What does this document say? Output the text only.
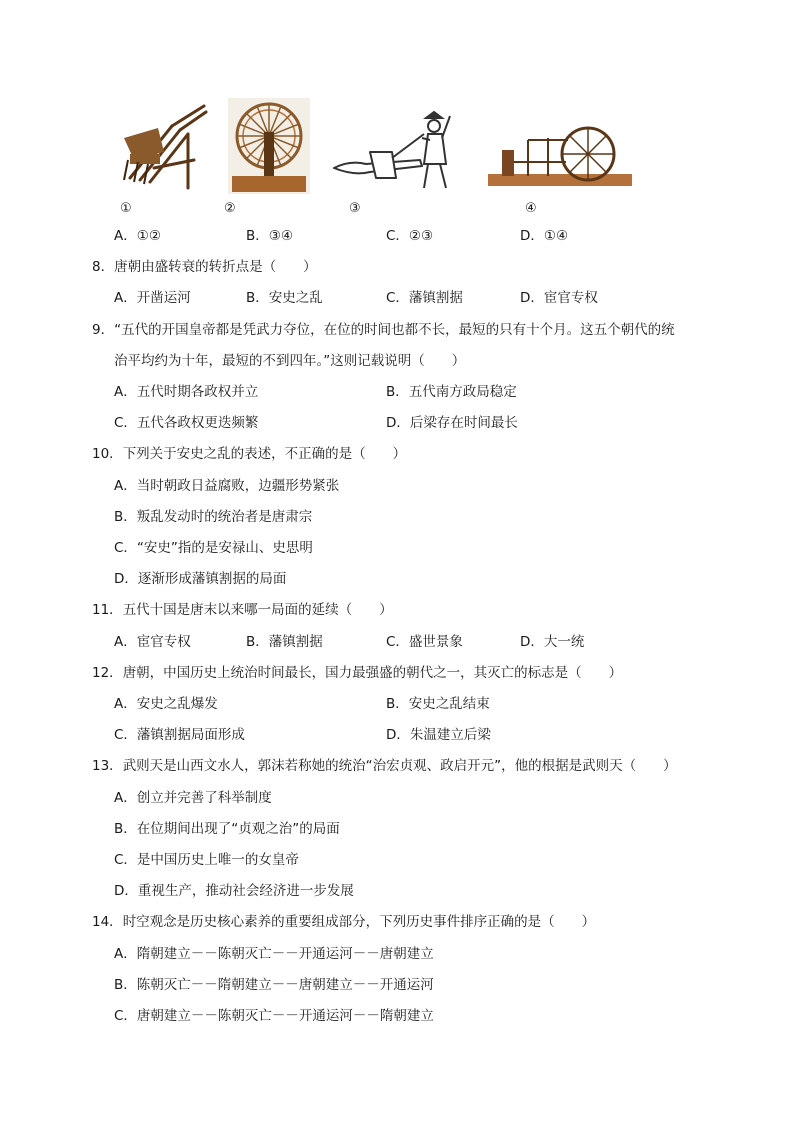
①	②	③	④
A．①②	B．③④	C．②③	D．①④
8．唐朝由盛转衰的转折点是（　　）
A．开凿运河	B．安史之乱	C．藩镇割据	D．宦官专权
9．“五代的开国皇帝都是凭武力夺位，在位的时间也都不长，最短的只有十个月。这五个朝代的统
治平均约为十年，最短的不到四年。”这则记载说明（　　）
A．五代时期各政权并立	B．五代南方政局稳定
C．五代各政权更迭频繁	D．后梁存在时间最长
10．下列关于安史之乱的表述，不正确的是（　　）
A．当时朝政日益腐败，边疆形势紧张
B．叛乱发动时的统治者是唐肃宗
C．“安史”指的是安禄山、史思明
D．逐渐形成藩镇割据的局面
11．五代十国是唐末以来哪一局面的延续（　　）
A．宦官专权	B．藩镇割据	C．盛世景象	D．大一统
12．唐朝，中国历史上统治时间最长，国力最强盛的朝代之一，其灭亡的标志是（　　）
A．安史之乱爆发	B．安史之乱结束
C．藩镇割据局面形成	D．朱温建立后梁
13．武则天是山西文水人，郭沫若称她的统治“治宏贞观、政启开元”，他的根据是武则天（　　）
A．创立并完善了科举制度
B．在位期间出现了“贞观之治”的局面
C．是中国历史上唯一的女皇帝
D．重视生产，推动社会经济进一步发展
14．时空观念是历史核心素养的重要组成部分，下列历史事件排序正确的是（　　）
A．隋朝建立－－陈朝灭亡－－开通运河－－唐朝建立
B．陈朝灭亡－－隋朝建立－－唐朝建立－－开通运河
C．唐朝建立－－陈朝灭亡－－开通运河－－隋朝建立
